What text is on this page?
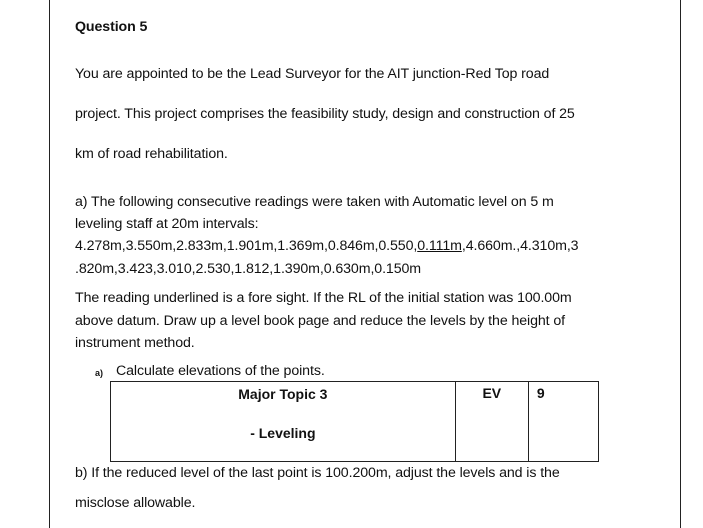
Question 5
You are appointed to be the Lead Surveyor for the AIT junction-Red Top road
project. This project comprises the feasibility study, design and construction of 25
km of road rehabilitation.
a) The following consecutive readings were taken with Automatic level on 5 m
leveling staff at 20m intervals:
4.278m,3.550m,2.833m,1.901m,1.369m,0.846m,0.550,0.111m,4.660m.,4.310m,3
.820m,3.423,3.010,2.530,1.812,1.390m,0.630m,0.150m
The reading underlined is a fore sight. If the RL of the initial station was 100.00m
above datum. Draw up a level book page and reduce the levels by the height of
instrument method.
a) Calculate elevations of the points.
Major Topic 3
- Leveling
	EV	9
b) If the reduced level of the last point is 100.200m, adjust the levels and is the
misclose allowable.
